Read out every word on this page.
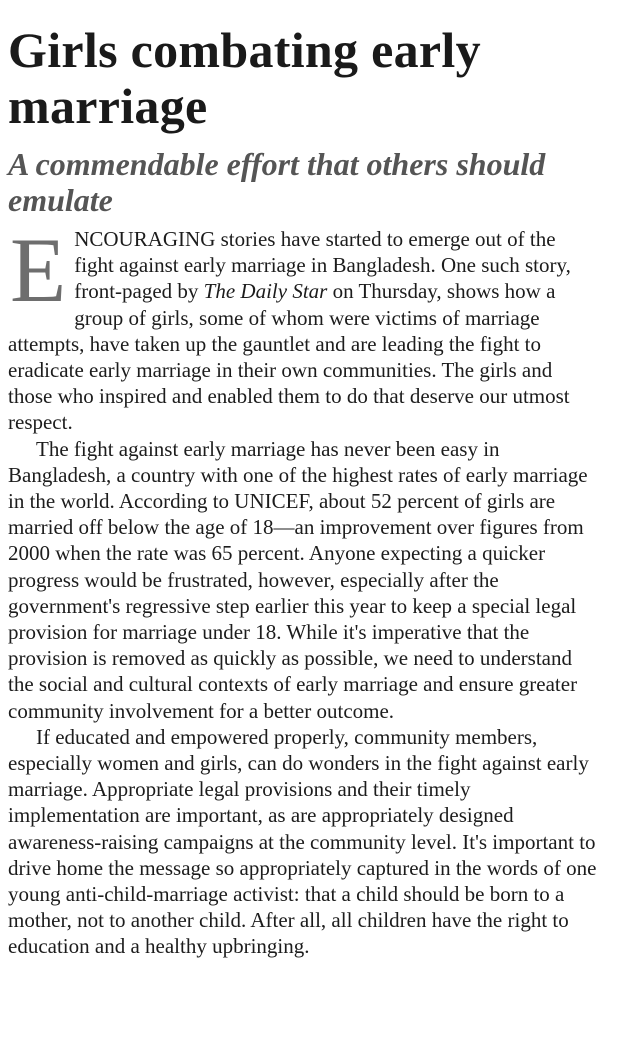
Girls combating early marriage
A commendable effort that others should emulate

ENCOURAGING stories have started to emerge out of the fight against early marriage in Bangladesh. One such story, front-paged by The Daily Star on Thursday, shows how a group of girls, some of whom were victims of marriage attempts, have taken up the gauntlet and are leading the fight to eradicate early marriage in their own communities. The girls and those who inspired and enabled them to do that deserve our utmost respect.

The fight against early marriage has never been easy in Bangladesh, a country with one of the highest rates of early marriage in the world. According to UNICEF, about 52 percent of girls are married off below the age of 18—an improvement over figures from 2000 when the rate was 65 percent. Anyone expecting a quicker progress would be frustrated, however, especially after the government's regressive step earlier this year to keep a special legal provision for marriage under 18. While it's imperative that the provision is removed as quickly as possible, we need to understand the social and cultural contexts of early marriage and ensure greater community involvement for a better outcome.

If educated and empowered properly, community members, especially women and girls, can do wonders in the fight against early marriage. Appropriate legal provisions and their timely implementation are important, as are appropriately designed awareness-raising campaigns at the community level. It's important to drive home the message so appropriately captured in the words of one young anti-child-marriage activist: that a child should be born to a mother, not to another child. After all, all children have the right to education and a healthy upbringing.
